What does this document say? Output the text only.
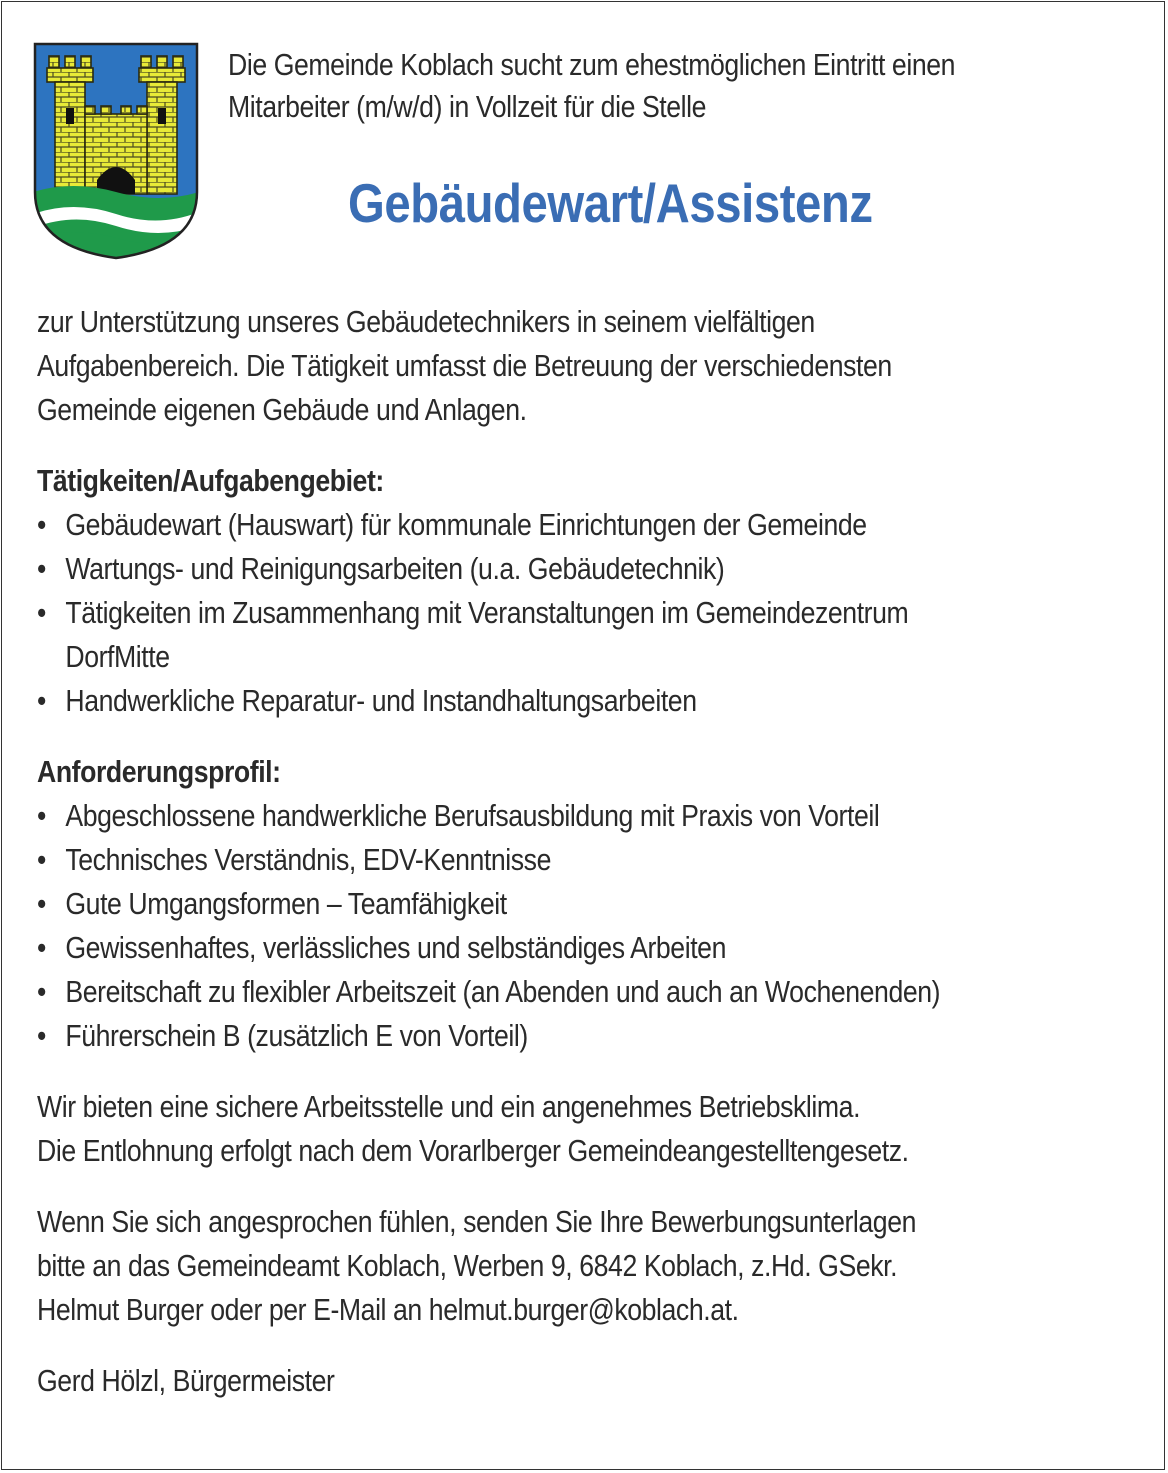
Die Gemeinde Koblach sucht zum ehestmöglichen Eintritt einen
Mitarbeiter (m/w/d) in Vollzeit für die Stelle
Gebäudewart/Assistenz

zur Unterstützung unseres Gebäudetechnikers in seinem vielfältigen
Aufgabenbereich. Die Tätigkeit umfasst die Betreuung der verschiedensten
Gemeinde eigenen Gebäude und Anlagen.

Tätigkeiten/Aufgabengebiet:
• Gebäudewart (Hauswart) für kommunale Einrichtungen der Gemeinde
• Wartungs- und Reinigungsarbeiten (u.a. Gebäudetechnik)
• Tätigkeiten im Zusammenhang mit Veranstaltungen im Gemeindezentrum
DorfMitte
• Handwerkliche Reparatur- und Instandhaltungsarbeiten
Anforderungsprofil:
• Abgeschlossene handwerkliche Berufsausbildung mit Praxis von Vorteil
• Technisches Verständnis, EDV-Kenntnisse
• Gute Umgangsformen – Teamfähigkeit
• Gewissenhaftes, verlässliches und selbständiges Arbeiten
• Bereitschaft zu flexibler Arbeitszeit (an Abenden und auch an Wochenenden)
• Führerschein B (zusätzlich E von Vorteil)

Wir bieten eine sichere Arbeitsstelle und ein angenehmes Betriebsklima.
Die Entlohnung erfolgt nach dem Vorarlberger Gemeindeangestelltengesetz.

Wenn Sie sich angesprochen fühlen, senden Sie Ihre Bewerbungsunterlagen
bitte an das Gemeindeamt Koblach, Werben 9, 6842 Koblach, z.Hd. GSekr.
Helmut Burger oder per E-Mail an helmut.burger@koblach.at.

Gerd Hölzl, Bürgermeister
